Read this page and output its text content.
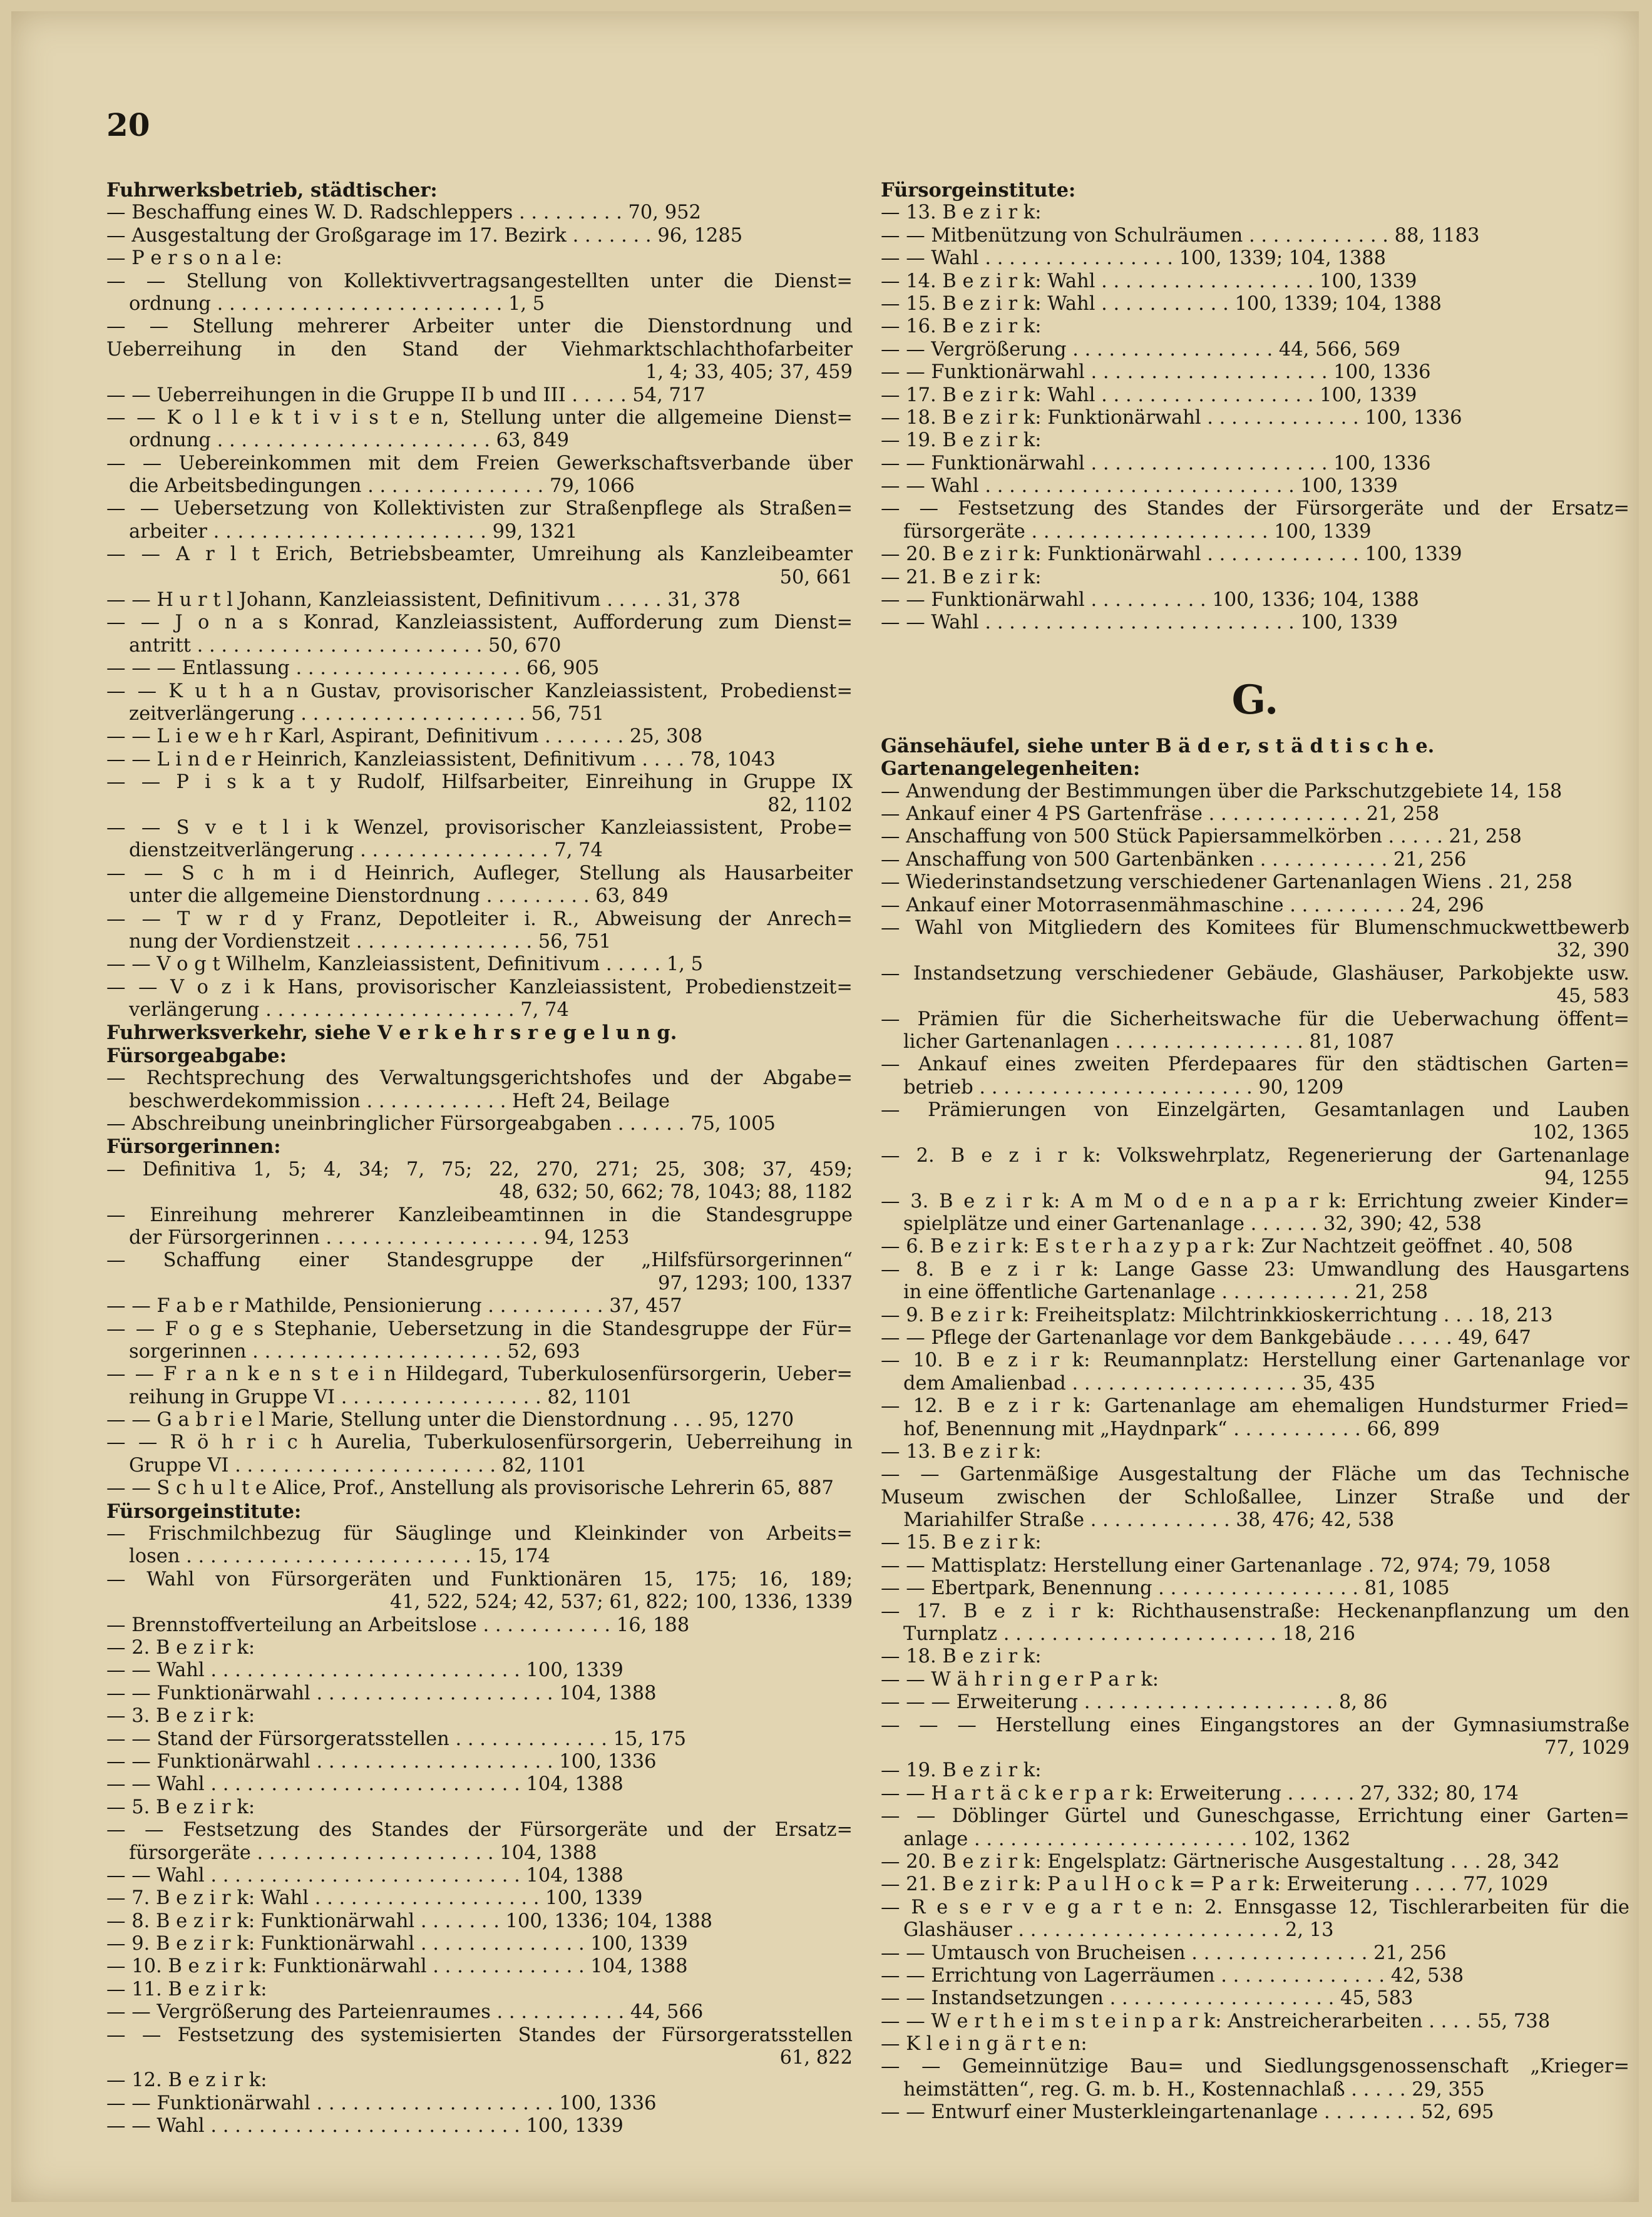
20
Fuhrwerksbetrieb, städtischer:
— Beschaffung eines W. D. Radschleppers . . . . . . . . . 70, 952
— Ausgestaltung der Großgarage im 17. Bezirk . . . . . . . 96, 1285
— P e r s o n a l e:
— — Stellung von Kollektivvertragsangestellten unter die Dienst=
ordnung . . . . . . . . . . . . . . . . . . . . . . . . 1, 5
— — Stellung mehrerer Arbeiter unter die Dienstordnung und
Ueberreihung in den Stand der Viehmarktschlachthofarbeiter
1, 4; 33, 405; 37, 459
— — Ueberreihungen in die Gruppe II b und III . . . . . 54, 717
— — K o l l e k t i v i s t e n, Stellung unter die allgemeine Dienst=
ordnung . . . . . . . . . . . . . . . . . . . . . . . 63, 849
— — Uebereinkommen mit dem Freien Gewerkschaftsverbande über
die Arbeitsbedingungen . . . . . . . . . . . . . . . 79, 1066
— — Uebersetzung von Kollektivisten zur Straßenpflege als Straßen=
arbeiter . . . . . . . . . . . . . . . . . . . . . . . 99, 1321
— — A r l t Erich, Betriebsbeamter, Umreihung als Kanzleibeamter
50, 661
— — H u r t l Johann, Kanzleiassistent, Definitivum . . . . . 31, 378
— — J o n a s Konrad, Kanzleiassistent, Aufforderung zum Dienst=
antritt . . . . . . . . . . . . . . . . . . . . . . . . 50, 670
— — — Entlassung . . . . . . . . . . . . . . . . . . . 66, 905
— — K u t h a n Gustav, provisorischer Kanzleiassistent, Probedienst=
zeitverlängerung . . . . . . . . . . . . . . . . . . . 56, 751
— — L i e w e h r Karl, Aspirant, Definitivum . . . . . . . 25, 308
— — L i n d e r Heinrich, Kanzleiassistent, Definitivum . . . . 78, 1043
— — P i s k a t y Rudolf, Hilfsarbeiter, Einreihung in Gruppe IX
82, 1102
— — S v e t l i k Wenzel, provisorischer Kanzleiassistent, Probe=
dienstzeitverlängerung . . . . . . . . . . . . . . . . 7, 74
— — S c h m i d Heinrich, Aufleger, Stellung als Hausarbeiter
unter die allgemeine Dienstordnung . . . . . . . . . 63, 849
— — T w r d y Franz, Depotleiter i. R., Abweisung der Anrech=
nung der Vordienstzeit . . . . . . . . . . . . . . . 56, 751
— — V o g t Wilhelm, Kanzleiassistent, Definitivum . . . . . 1, 5
— — V o z i k Hans, provisorischer Kanzleiassistent, Probedienstzeit=
verlängerung . . . . . . . . . . . . . . . . . . . . . 7, 74
Fuhrwerksverkehr, siehe V e r k e h r s r e g e l u n g.
Fürsorgeabgabe:
— Rechtsprechung des Verwaltungsgerichtshofes und der Abgabe=
beschwerdekommission . . . . . . . . . . . . Heft 24, Beilage
— Abschreibung uneinbringlicher Fürsorgeabgaben . . . . . . 75, 1005
Fürsorgerinnen:
— Definitiva 1, 5; 4, 34; 7, 75; 22, 270, 271; 25, 308; 37, 459;
48, 632; 50, 662; 78, 1043; 88, 1182
— Einreihung mehrerer Kanzleibeamtinnen in die Standesgruppe
der Fürsorgerinnen . . . . . . . . . . . . . . . . . . 94, 1253
— Schaffung einer Standesgruppe der „Hilfsfürsorgerinnen“
97, 1293; 100, 1337
— — F a b e r Mathilde, Pensionierung . . . . . . . . . . 37, 457
— — F o g e s Stephanie, Uebersetzung in die Standesgruppe der Für=
sorgerinnen . . . . . . . . . . . . . . . . . . . . . 52, 693
— — F r a n k e n s t e i n Hildegard, Tuberkulosenfürsorgerin, Ueber=
reihung in Gruppe VI . . . . . . . . . . . . . . . . . 82, 1101
— — G a b r i e l Marie, Stellung unter die Dienstordnung . . . 95, 1270
— — R ö h r i c h Aurelia, Tuberkulosenfürsorgerin, Ueberreihung in
Gruppe VI . . . . . . . . . . . . . . . . . . . . . . 82, 1101
— — S c h u l t e Alice, Prof., Anstellung als provisorische Lehrerin 65, 887
Fürsorgeinstitute:
— Frischmilchbezug für Säuglinge und Kleinkinder von Arbeits=
losen . . . . . . . . . . . . . . . . . . . . . . . . 15, 174
— Wahl von Fürsorgeräten und Funktionären 15, 175; 16, 189;
41, 522, 524; 42, 537; 61, 822; 100, 1336, 1339
— Brennstoffverteilung an Arbeitslose . . . . . . . . . . . 16, 188
— 2. B e z i r k:
— — Wahl . . . . . . . . . . . . . . . . . . . . . . . . . . 100, 1339
— — Funktionärwahl . . . . . . . . . . . . . . . . . . . . 104, 1388
— 3. B e z i r k:
— — Stand der Fürsorgeratsstellen . . . . . . . . . . . . . 15, 175
— — Funktionärwahl . . . . . . . . . . . . . . . . . . . . 100, 1336
— — Wahl . . . . . . . . . . . . . . . . . . . . . . . . . . 104, 1388
— 5. B e z i r k:
— — Festsetzung des Standes der Fürsorgeräte und der Ersatz=
fürsorgeräte . . . . . . . . . . . . . . . . . . . . 104, 1388
— — Wahl . . . . . . . . . . . . . . . . . . . . . . . . . . 104, 1388
— 7. B e z i r k: Wahl . . . . . . . . . . . . . . . . . . . 100, 1339
— 8. B e z i r k: Funktionärwahl . . . . . . . 100, 1336; 104, 1388
— 9. B e z i r k: Funktionärwahl . . . . . . . . . . . . . . 100, 1339
— 10. B e z i r k: Funktionärwahl . . . . . . . . . . . . . 104, 1388
— 11. B e z i r k:
— — Vergrößerung des Parteienraumes . . . . . . . . . . . 44, 566
— — Festsetzung des systemisierten Standes der Fürsorgeratsstellen
61, 822
— 12. B e z i r k:
— — Funktionärwahl . . . . . . . . . . . . . . . . . . . . 100, 1336
— — Wahl . . . . . . . . . . . . . . . . . . . . . . . . . . 100, 1339
Fürsorgeinstitute:
— 13. B e z i r k:
— — Mitbenützung von Schulräumen . . . . . . . . . . . . 88, 1183
— — Wahl . . . . . . . . . . . . . . . . 100, 1339; 104, 1388
— 14. B e z i r k: Wahl . . . . . . . . . . . . . . . . . . 100, 1339
— 15. B e z i r k: Wahl . . . . . . . . . . . 100, 1339; 104, 1388
— 16. B e z i r k:
— — Vergrößerung . . . . . . . . . . . . . . . . . 44, 566, 569
— — Funktionärwahl . . . . . . . . . . . . . . . . . . . . 100, 1336
— 17. B e z i r k: Wahl . . . . . . . . . . . . . . . . . . 100, 1339
— 18. B e z i r k: Funktionärwahl . . . . . . . . . . . . . 100, 1336
— 19. B e z i r k:
— — Funktionärwahl . . . . . . . . . . . . . . . . . . . . 100, 1336
— — Wahl . . . . . . . . . . . . . . . . . . . . . . . . . . 100, 1339
— — Festsetzung des Standes der Fürsorgeräte und der Ersatz=
fürsorgeräte . . . . . . . . . . . . . . . . . . . . 100, 1339
— 20. B e z i r k: Funktionärwahl . . . . . . . . . . . . . 100, 1339
— 21. B e z i r k:
— — Funktionärwahl . . . . . . . . . . 100, 1336; 104, 1388
— — Wahl . . . . . . . . . . . . . . . . . . . . . . . . . . 100, 1339
G.
Gänsehäufel, siehe unter B ä d e r, s t ä d t i s c h e.
Gartenangelegenheiten:
— Anwendung der Bestimmungen über die Parkschutzgebiete 14, 158
— Ankauf einer 4 PS Gartenfräse . . . . . . . . . . . . . 21, 258
— Anschaffung von 500 Stück Papiersammelkörben . . . . . 21, 258
— Anschaffung von 500 Gartenbänken . . . . . . . . . . . 21, 256
— Wiederinstandsetzung verschiedener Gartenanlagen Wiens . 21, 258
— Ankauf einer Motorrasenmähmaschine . . . . . . . . . . 24, 296
— Wahl von Mitgliedern des Komitees für Blumenschmuckwettbewerb
32, 390
— Instandsetzung verschiedener Gebäude, Glashäuser, Parkobjekte usw.
45, 583
— Prämien für die Sicherheitswache für die Ueberwachung öffent=
licher Gartenanlagen . . . . . . . . . . . . . . . . 81, 1087
— Ankauf eines zweiten Pferdepaares für den städtischen Garten=
betrieb . . . . . . . . . . . . . . . . . . . . . . . 90, 1209
— Prämierungen von Einzelgärten, Gesamtanlagen und Lauben
102, 1365
— 2. B e z i r k: Volkswehrplatz, Regenerierung der Gartenanlage
94, 1255
— 3. B e z i r k: A m M o d e n a p a r k: Errichtung zweier Kinder=
spielplätze und einer Gartenanlage . . . . . . 32, 390; 42, 538
— 6. B e z i r k: E s t e r h a z y p a r k: Zur Nachtzeit geöffnet . 40, 508
— 8. B e z i r k: Lange Gasse 23: Umwandlung des Hausgartens
in eine öffentliche Gartenanlage . . . . . . . . . . . 21, 258
— 9. B e z i r k: Freiheitsplatz: Milchtrinkkioskerrichtung . . . 18, 213
— — Pflege der Gartenanlage vor dem Bankgebäude . . . . . 49, 647
— 10. B e z i r k: Reumannplatz: Herstellung einer Gartenanlage vor
dem Amalienbad . . . . . . . . . . . . . . . . . . . 35, 435
— 12. B e z i r k: Gartenanlage am ehemaligen Hundsturmer Fried=
hof, Benennung mit „Haydnpark“ . . . . . . . . . . . 66, 899
— 13. B e z i r k:
— — Gartenmäßige Ausgestaltung der Fläche um das Technische
Museum zwischen der Schloßallee, Linzer Straße und der
Mariahilfer Straße . . . . . . . . . . . . 38, 476; 42, 538
— 15. B e z i r k:
— — Mattisplatz: Herstellung einer Gartenanlage . 72, 974; 79, 1058
— — Ebertpark, Benennung . . . . . . . . . . . . . . . . . 81, 1085
— 17. B e z i r k: Richthausenstraße: Heckenanpflanzung um den
Turnplatz . . . . . . . . . . . . . . . . . . . . . . . 18, 216
— 18. B e z i r k:
— — W ä h r i n g e r P a r k:
— — — Erweiterung . . . . . . . . . . . . . . . . . . . . . 8, 86
— — — Herstellung eines Eingangstores an der Gymnasiumstraße
77, 1029
— 19. B e z i r k:
— — H a r t ä c k e r p a r k: Erweiterung . . . . . . 27, 332; 80, 174
— — Döblinger Gürtel und Guneschgasse, Errichtung einer Garten=
anlage . . . . . . . . . . . . . . . . . . . . . . . 102, 1362
— 20. B e z i r k: Engelsplatz: Gärtnerische Ausgestaltung . . . 28, 342
— 21. B e z i r k: P a u l H o c k = P a r k: Erweiterung . . . . 77, 1029
— R e s e r v e g a r t e n: 2. Ennsgasse 12, Tischlerarbeiten für die
Glashäuser . . . . . . . . . . . . . . . . . . . . . . 2, 13
— — Umtausch von Brucheisen . . . . . . . . . . . . . . . 21, 256
— — Errichtung von Lagerräumen . . . . . . . . . . . . . . 42, 538
— — Instandsetzungen . . . . . . . . . . . . . . . . . . . 45, 583
— — W e r t h e i m s t e i n p a r k: Anstreicherarbeiten . . . . 55, 738
— K l e i n g ä r t e n:
— — Gemeinnützige Bau= und Siedlungsgenossenschaft „Krieger=
heimstätten“, reg. G. m. b. H., Kostennachlaß . . . . . 29, 355
— — Entwurf einer Musterkleingartenanlage . . . . . . . . 52, 695
